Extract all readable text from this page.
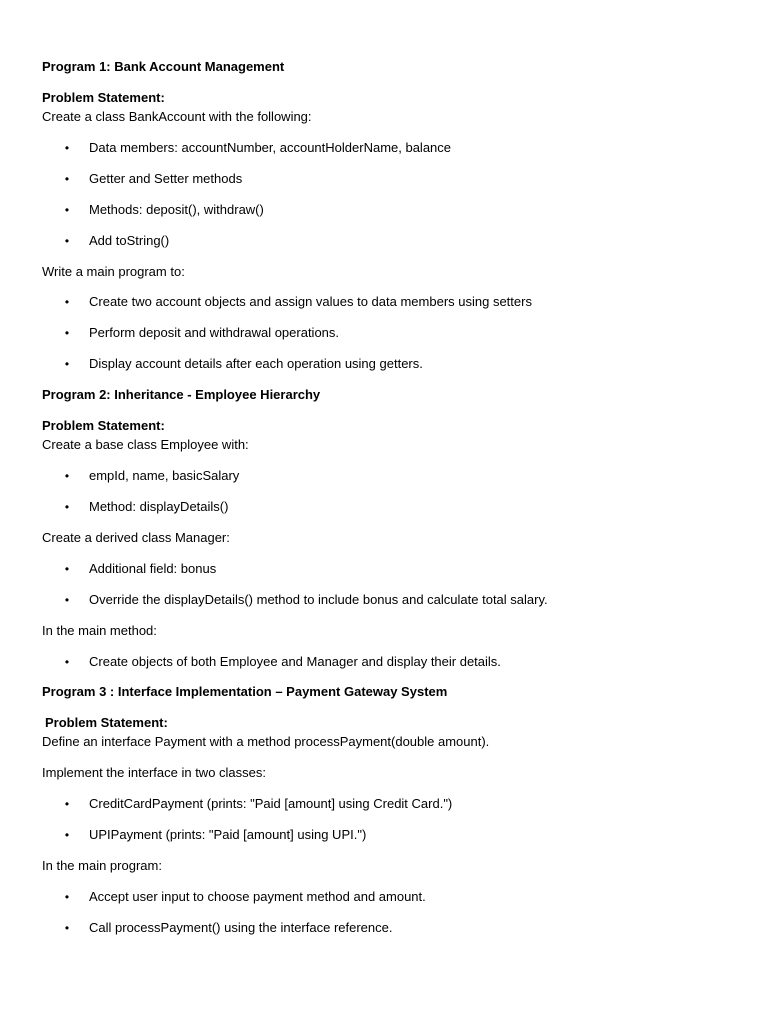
Program 1: Bank Account Management
Problem Statement:
Create a class BankAccount with the following:
• Data members: accountNumber, accountHolderName, balance
• Getter and Setter methods
• Methods: deposit(), withdraw()
• Add toString()
Write a main program to:
• Create two account objects and assign values to data members using setters
• Perform deposit and withdrawal operations.
• Display account details after each operation using getters.
Program 2: Inheritance - Employee Hierarchy
Problem Statement:
Create a base class Employee with:
• empId, name, basicSalary
• Method: displayDetails()
Create a derived class Manager:
• Additional field: bonus
• Override the displayDetails() method to include bonus and calculate total salary.
In the main method:
• Create objects of both Employee and Manager and display their details.
Program 3 : Interface Implementation – Payment Gateway System
Problem Statement:
Define an interface Payment with a method processPayment(double amount).
Implement the interface in two classes:
• CreditCardPayment (prints: "Paid [amount] using Credit Card.")
• UPIPayment (prints: "Paid [amount] using UPI.")
In the main program:
• Accept user input to choose payment method and amount.
• Call processPayment() using the interface reference.
